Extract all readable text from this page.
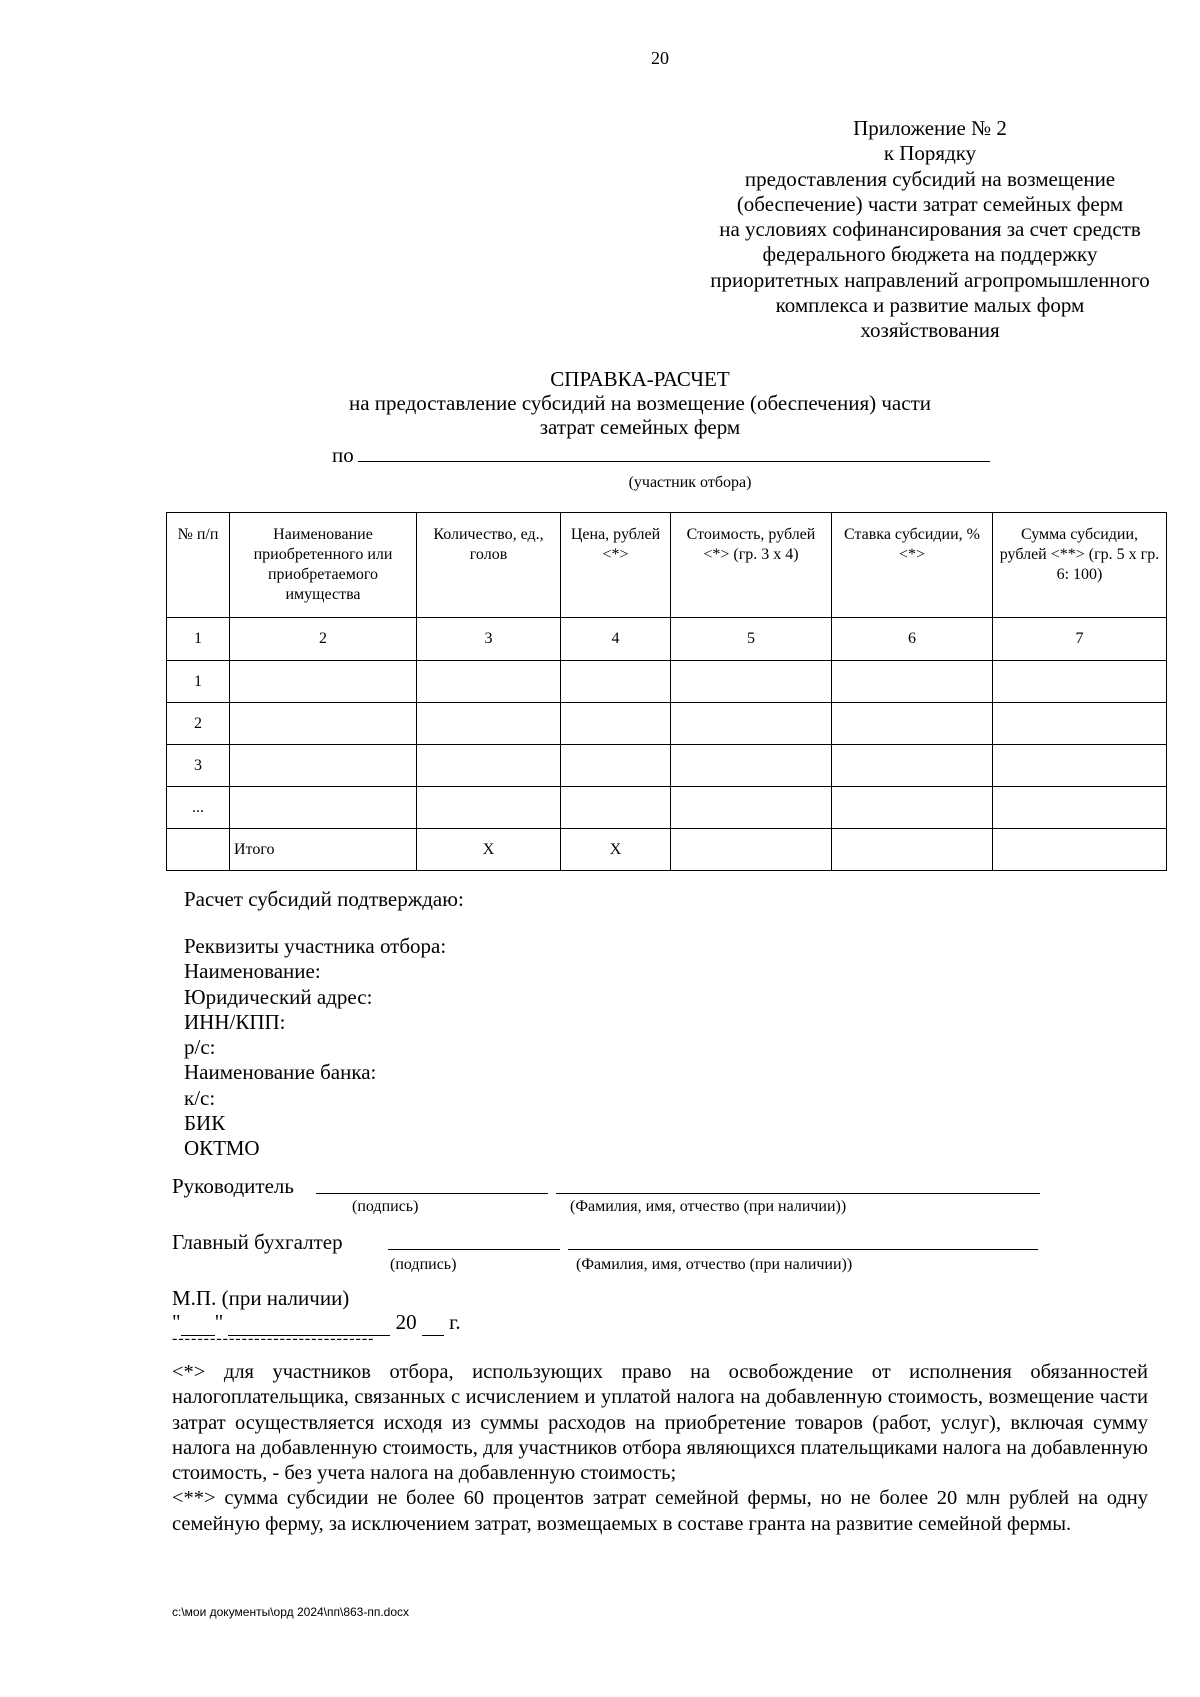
20
Приложение № 2
к Порядку
предоставления субсидий на возмещение
(обеспечение) части затрат семейных ферм
на условиях софинансирования за счет средств
федерального бюджета на поддержку
приоритетных направлений агропромышленного
комплекса и развитие малых форм
хозяйствования
СПРАВКА-РАСЧЕТ
на предоставление субсидий на возмещение (обеспечения) части
затрат семейных ферм
по
(участник отбора)
№ п/п	Наименование приобретенного или приобретаемого имущества	Количество, ед., голов	Цена, рублей <*>	Стоимость, рублей <*> (гр. 3 x 4)	Ставка субсидии, % <*>	Сумма субсидии, рублей <**> (гр. 5 x гр. 6: 100)
1	2	3	4	5	6	7
1						
2						
3						
...						
	Итого	X	X			
Расчет субсидий подтверждаю:
Реквизиты участника отбора:
Наименование:
Юридический адрес:
ИНН/КПП:
р/с:
Наименование банка:
к/с:
БИК
ОКТМО
Руководитель
(подпись)	(Фамилия, имя, отчество (при наличии))
Главный бухгалтер
(подпись)	(Фамилия, имя, отчество (при наличии))
М.П. (при наличии)
" "	20 г.
--------------------------------

<*> для участников отбора, использующих право на освобождение от исполнения обязанностей налогоплательщика, связанных с исчислением и уплатой налога на добавленную стоимость, возмещение части затрат осуществляется исходя из суммы расходов на приобретение товаров (работ, услуг), включая сумму налога на добавленную стоимость, для участников отбора являющихся плательщиками налога на добавленную стоимость, - без учета налога на добавленную стоимость;

<**> сумма субсидии не более 60 процентов затрат семейной фермы, но не более 20 млн рублей на одну семейную ферму, за исключением затрат, возмещаемых в составе гранта на развитие семейной фермы.

c:\мои документы\орд 2024\пп\863-пп.docx
